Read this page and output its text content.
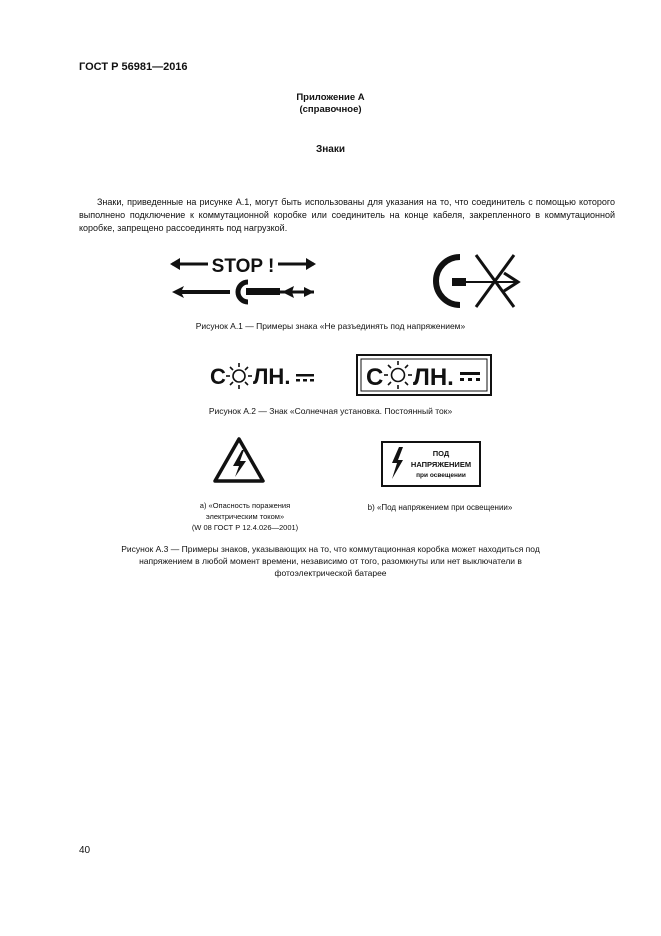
ГОСТ Р 56981—2016
Приложение А
(справочное)
Знаки
Знаки, приведенные на рисунке А.1, могут быть использованы для указания на то, что соединитель с помощью которого выполнено подключение к коммутационной коробке или соединитель на конце кабеля, закрепленного в коммутационной коробке, запрещено рассоединять под нагрузкой.
STOP !
Рисунок А.1 — Примеры знака «Не разъединять под напряжением»
С ЛН.	С ЛН.
Рисунок А.2 — Знак «Солнечная установка. Постоянный ток»
а) «Опасность поражения
электрическим током»
(W 08 ГОСТ Р 12.4.026—2001)
ПОД
НАПРЯЖЕНИЕМ
при освещении
b) «Под напряжением при освещении»
Рисунок А.3 — Примеры знаков, указывающих на то, что коммутационная коробка может находиться под напряжением в любой момент времени, независимо от того, разомкнуты или нет выключатели в фотоэлектрической батарее
40
